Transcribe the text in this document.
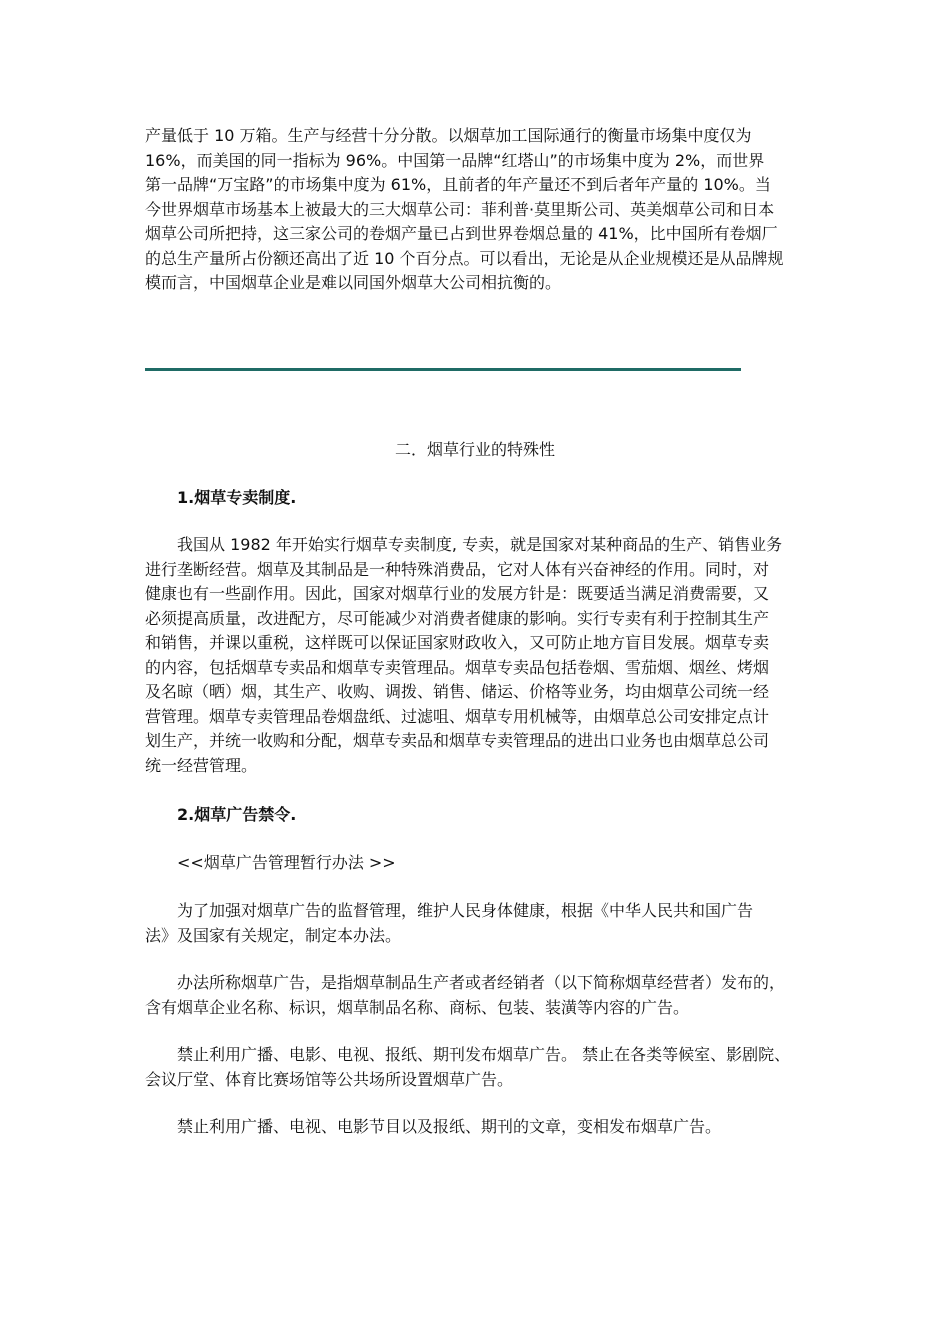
产量低于 10 万箱。生产与经营十分分散。以烟草加工国际通行的衡量市场集中度仅为
16%，而美国的同一指标为 96%。中国第一品牌“红塔山”的市场集中度为 2%，而世界
第一品牌“万宝路”的市场集中度为 61%，且前者的年产量还不到后者年产量的 10%。当
今世界烟草市场基本上被最大的三大烟草公司：菲利普·莫里斯公司、英美烟草公司和日本
烟草公司所把持，这三家公司的卷烟产量已占到世界卷烟总量的 41%，比中国所有卷烟厂
的总生产量所占份额还高出了近 10 个百分点。可以看出，无论是从企业规模还是从品牌规
模而言，中国烟草企业是难以同国外烟草大公司相抗衡的。

二．烟草行业的特殊性

1.烟草专卖制度.

我国从 1982 年开始实行烟草专卖制度, 专卖，就是国家对某种商品的生产、销售业务
进行垄断经营。烟草及其制品是一种特殊消费品，它对人体有兴奋神经的作用。同时，对
健康也有一些副作用。因此，国家对烟草行业的发展方针是：既要适当满足消费需要，又
必须提高质量，改进配方，尽可能减少对消费者健康的影响。实行专卖有利于控制其生产
和销售，并课以重税，这样既可以保证国家财政收入，又可防止地方盲目发展。烟草专卖
的内容，包括烟草专卖品和烟草专卖管理品。烟草专卖品包括卷烟、雪茄烟、烟丝、烤烟
及名晾（晒）烟，其生产、收购、调拨、销售、储运、价格等业务，均由烟草公司统一经
营管理。烟草专卖管理品卷烟盘纸、过滤咀、烟草专用机械等，由烟草总公司安排定点计
划生产，并统一收购和分配，烟草专卖品和烟草专卖管理品的进出口业务也由烟草总公司
统一经营管理。

2.烟草广告禁令.

<<烟草广告管理暂行办法 >>

为了加强对烟草广告的监督管理，维护人民身体健康，根据《中华人民共和国广告
法》及国家有关规定，制定本办法。

办法所称烟草广告，是指烟草制品生产者或者经销者（以下简称烟草经营者）发布的，
含有烟草企业名称、标识，烟草制品名称、商标、包装、装潢等内容的广告。

禁止利用广播、电影、电视、报纸、期刊发布烟草广告。 禁止在各类等候室、影剧院、
会议厅堂、体育比赛场馆等公共场所设置烟草广告。

禁止利用广播、电视、电影节目以及报纸、期刊的文章，变相发布烟草广告。
